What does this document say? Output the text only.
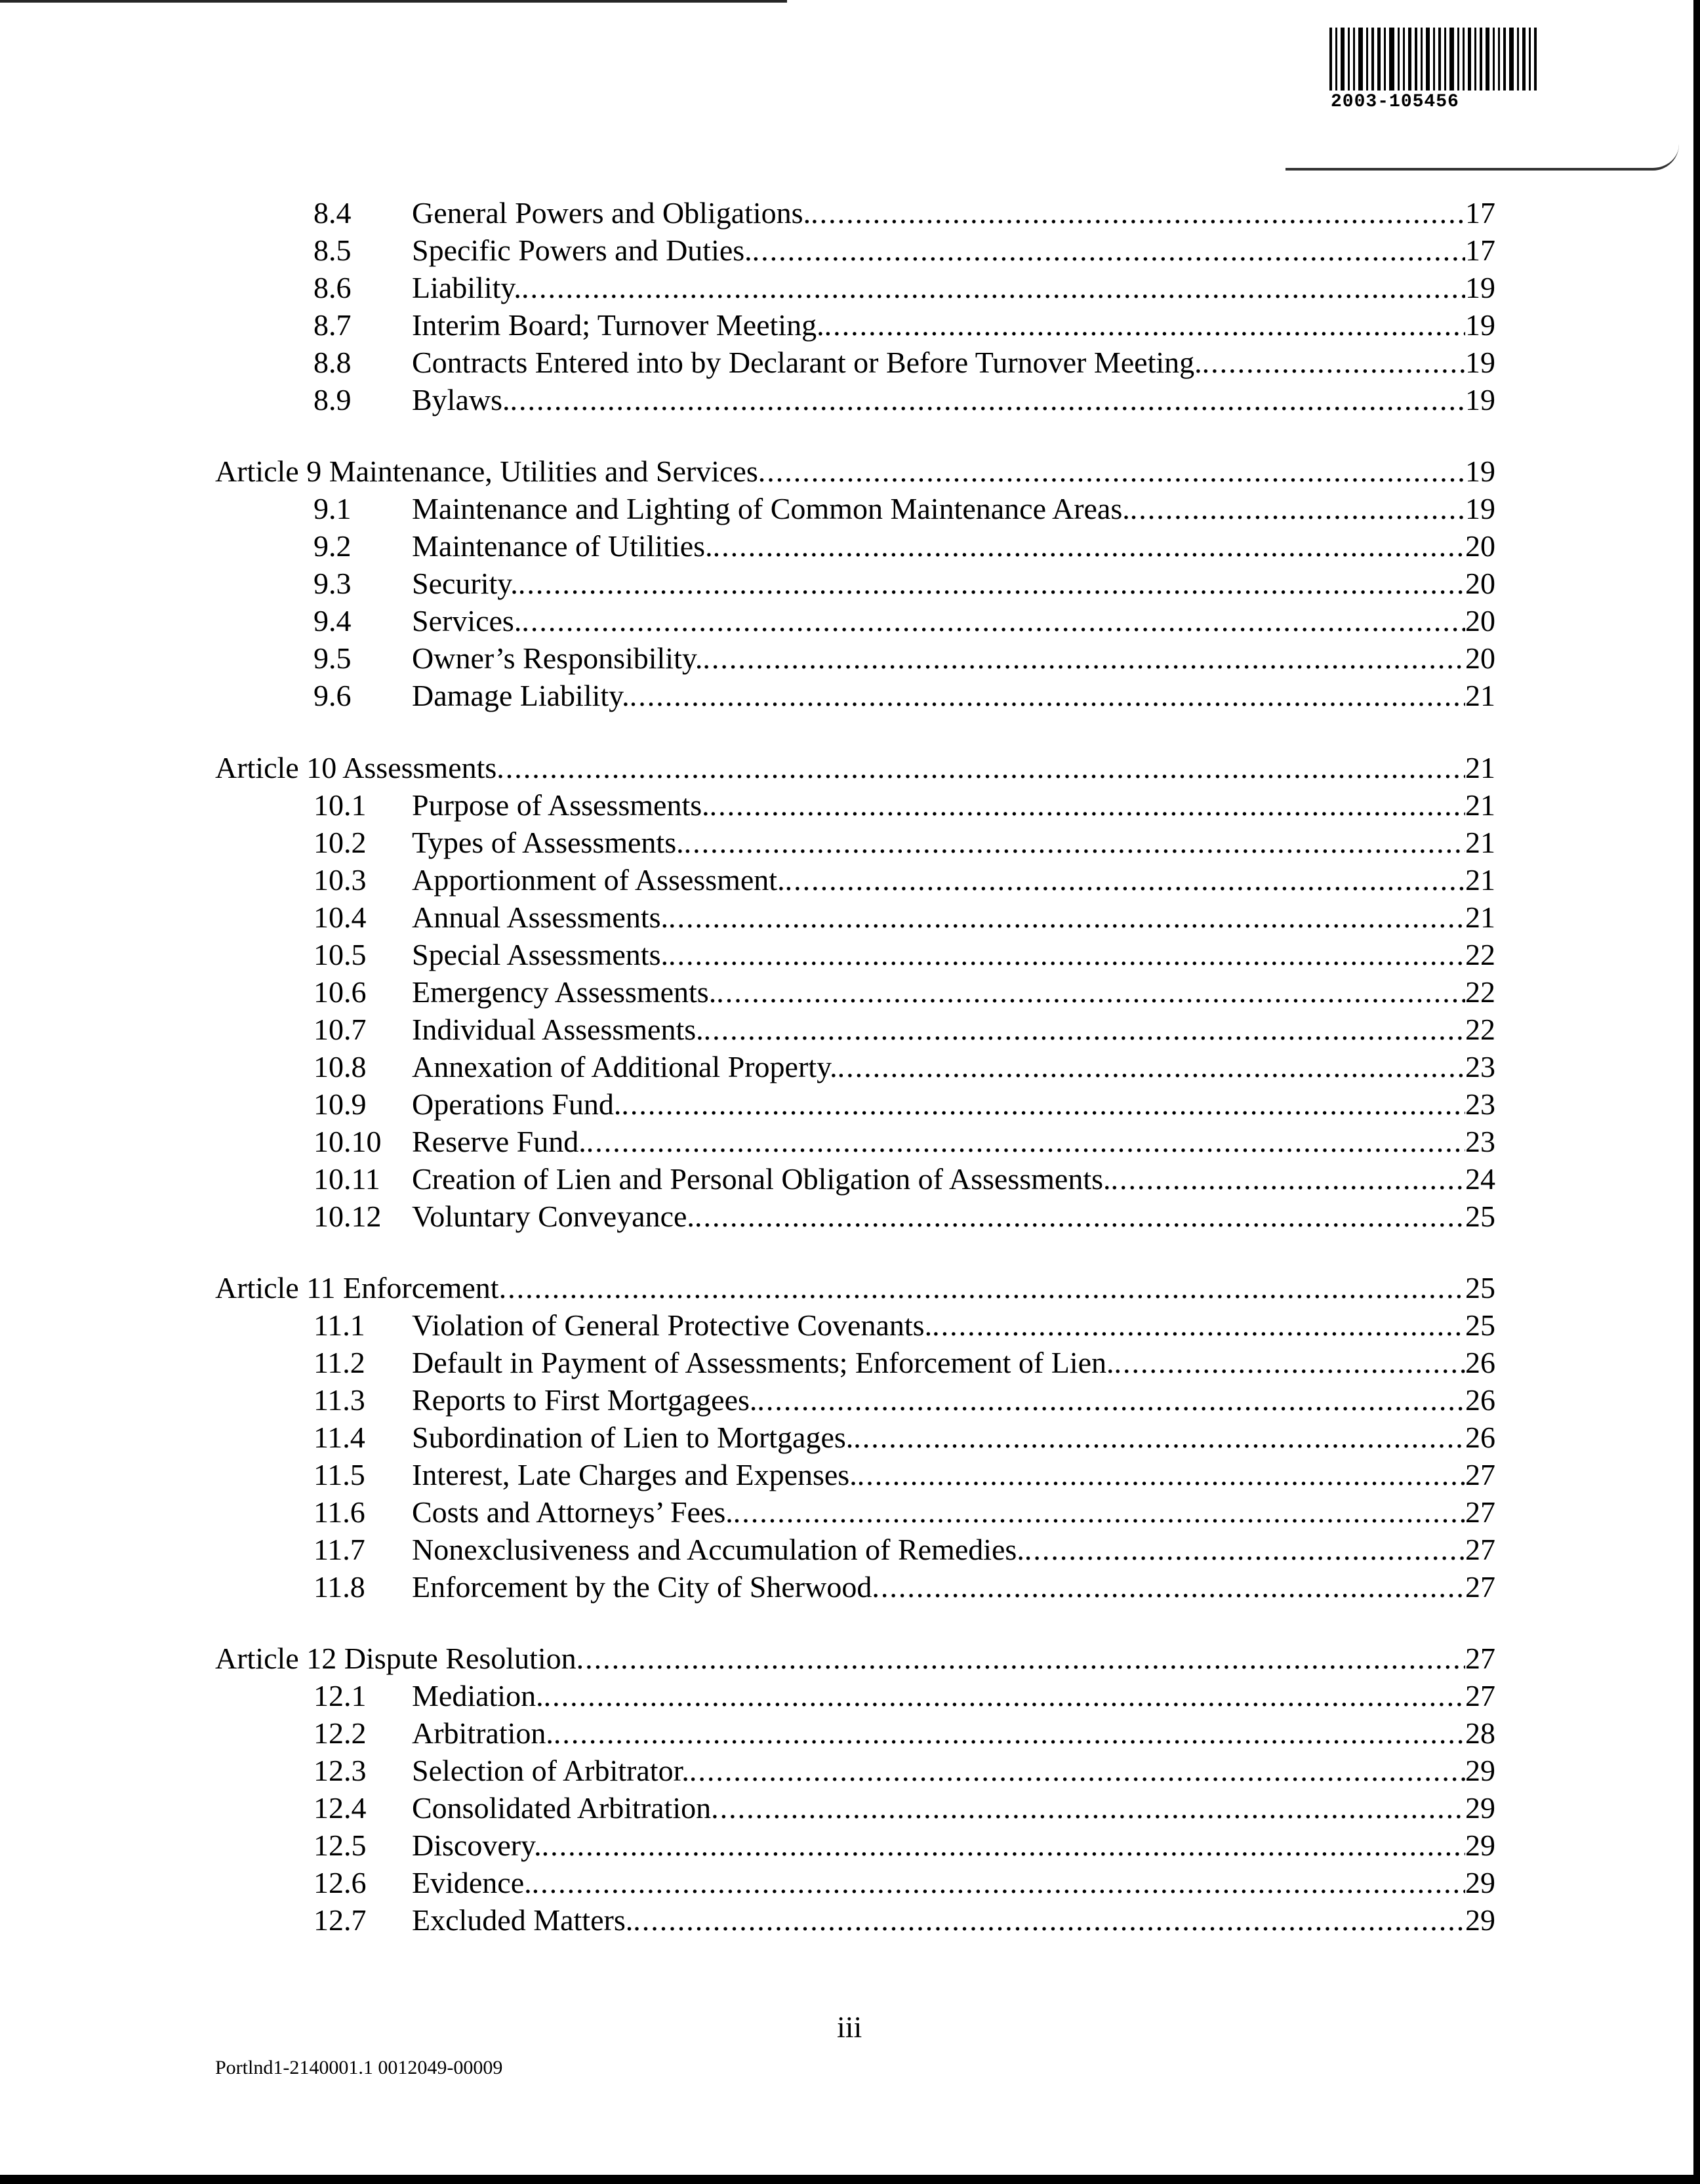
2003-105456
8.4	General Powers and Obligations. .....	17
8.5	Specific Powers and Duties. .....	17
8.6	Liability. .....	19
8.7	Interim Board; Turnover Meeting. .....	19
8.8	Contracts Entered into by Declarant or Before Turnover Meeting. .....	19
8.9	Bylaws. .....	19
Article 9 Maintenance, Utilities and Services .....	19
9.1	Maintenance and Lighting of Common Maintenance Areas. .....	19
9.2	Maintenance of Utilities. .....	20
9.3	Security. .....	20
9.4	Services. .....	20
9.5	Owner’s Responsibility. .....	20
9.6	Damage Liability. .....	21
Article 10 Assessments .....	21
10.1	Purpose of Assessments. .....	21
10.2	Types of Assessments. .....	21
10.3	Apportionment of Assessment. .....	21
10.4	Annual Assessments. .....	21
10.5	Special Assessments. .....	22
10.6	Emergency Assessments. .....	22
10.7	Individual Assessments. .....	22
10.8	Annexation of Additional Property. .....	23
10.9	Operations Fund. .....	23
10.10	Reserve Fund. .....	23
10.11	Creation of Lien and Personal Obligation of Assessments. .....	24
10.12	Voluntary Conveyance. .....	25
Article 11 Enforcement .....	25
11.1	Violation of General Protective Covenants. .....	25
11.2	Default in Payment of Assessments; Enforcement of Lien. .....	26
11.3	Reports to First Mortgagees. .....	26
11.4	Subordination of Lien to Mortgages. .....	26
11.5	Interest, Late Charges and Expenses. .....	27
11.6	Costs and Attorneys’ Fees. .....	27
11.7	Nonexclusiveness and Accumulation of Remedies. .....	27
11.8	Enforcement by the City of Sherwood .....	27
Article 12 Dispute Resolution .....	27
12.1	Mediation. .....	27
12.2	Arbitration. .....	28
12.3	Selection of Arbitrator. .....	29
12.4	Consolidated Arbitration .....	29
12.5	Discovery. .....	29
12.6	Evidence. .....	29
12.7	Excluded Matters. .....	29
iii
Portlnd1-2140001.1 0012049-00009
